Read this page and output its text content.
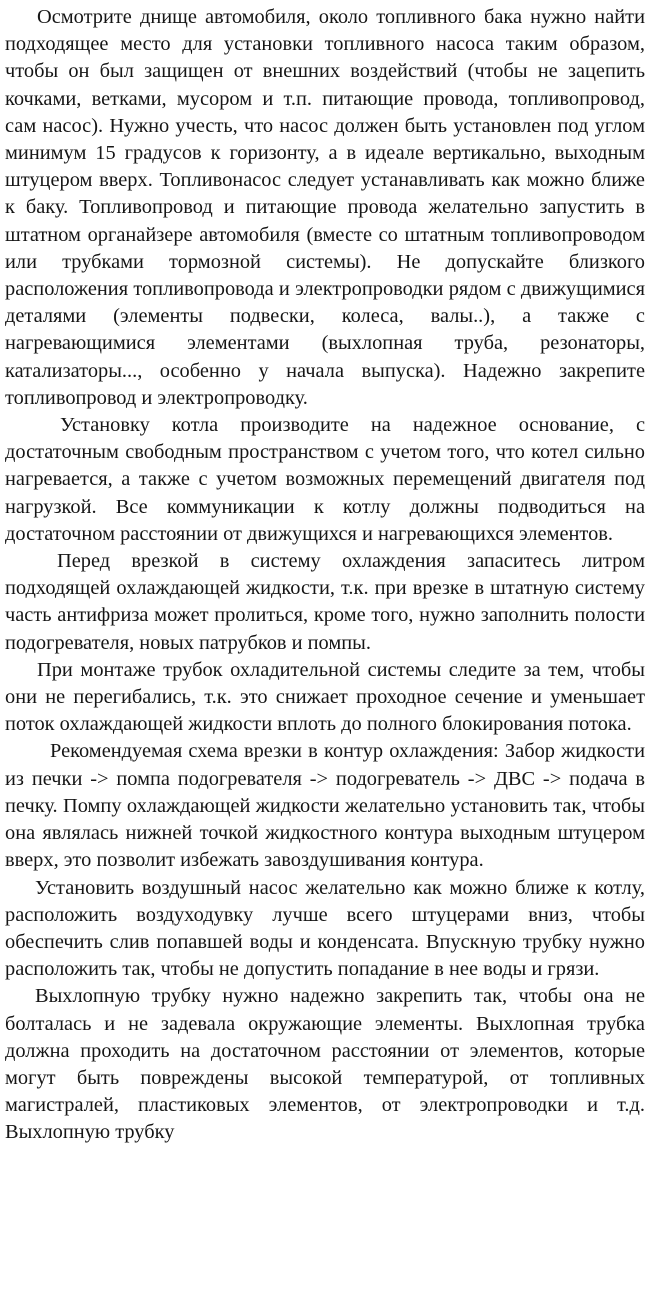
Осмотрите днище автомобиля, около топливного бака нужно найти подходящее место для установки топливного насоса таким образом, чтобы он был защищен от внешних воздействий (чтобы не зацепить кочками, ветками, мусором и т.п. питающие провода, топливопровод, сам насос). Нужно учесть, что насос должен быть установлен под углом минимум 15 градусов к горизонту, а в идеале вертикально, выходным штуцером вверх. Топливонасос следует устанавливать как можно ближе к баку. Топливопровод и питающие провода желательно запустить в штатном органайзере автомобиля (вместе со штатным топливопроводом или трубками тормозной системы). Не допускайте близкого расположения топливопровода и электропроводки рядом с движущимися деталями (элементы подвески, колеса, валы..), а также с нагревающимися элементами (выхлопная труба, резонаторы, катализаторы..., особенно у начала выпуска). Надежно закрепите топливопровод и электропроводку.

Установку котла производите на надежное основание, с достаточным свободным пространством с учетом того, что котел сильно нагревается, а также с учетом возможных перемещений двигателя под нагрузкой. Все коммуникации к котлу должны подводиться на достаточном расстоянии от движущихся и нагревающихся элементов.

Перед врезкой в систему охлаждения запаситесь литром подходящей охлаждающей жидкости, т.к. при врезке в штатную систему часть антифриза может пролиться, кроме того, нужно заполнить полости подогревателя, новых патрубков и помпы.

При монтаже трубок охладительной системы следите за тем, чтобы они не перегибались, т.к. это снижает проходное сечение и уменьшает поток охлаждающей жидкости вплоть до полного блокирования потока.

Рекомендуемая схема врезки в контур охлаждения: Забор жидкости из печки -> помпа подогревателя -> подогреватель -> ДВС -> подача в печку. Помпу охлаждающей жидкости желательно установить так, чтобы она являлась нижней точкой жидкостного контура выходным штуцером вверх, это позволит избежать завоздушивания контура.

Установить воздушный насос желательно как можно ближе к котлу, расположить воздуходувку лучше всего штуцерами вниз, чтобы обеспечить слив попавшей воды и конденсата. Впускную трубку нужно расположить так, чтобы не допустить попадание в нее воды и грязи.

Выхлопную трубку нужно надежно закрепить так, чтобы она не болталась и не задевала окружающие элементы. Выхлопная трубка должна проходить на достаточном расстоянии от элементов, которые могут быть повреждены высокой температурой, от топливных магистралей, пластиковых элементов, от электропроводки и т.д. Выхлопную трубку
